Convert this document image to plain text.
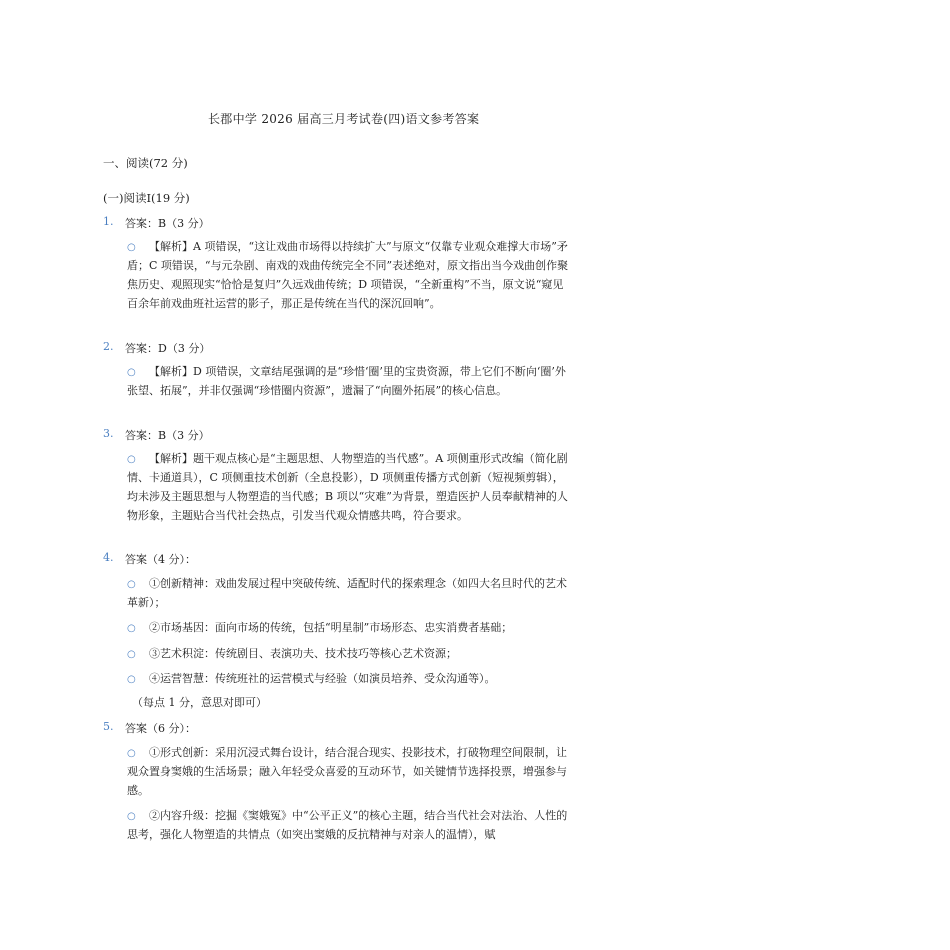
长郡中学 2026 届高三月考试卷(四)语文参考答案
一、阅读(72 分)
(一)阅读Ⅰ(19 分)
1. 答案：B（3 分）
○	【解析】A 项错误，“这让戏曲市场得以持续扩大”与原文“仅靠专业观众难撑大市场”矛盾；C 项错误，“与元杂剧、南戏的戏曲传统完全不同”表述绝对，原文指出当今戏曲创作聚焦历史、观照现实“恰恰是复归”久远戏曲传统；D 项错误，“全新重构”不当，原文说“窥见百余年前戏曲班社运营的影子，那正是传统在当代的深沉回响”。
2. 答案：D（3 分）
○	【解析】D 项错误，文章结尾强调的是“珍惜‘圈’里的宝贵资源，带上它们不断向‘圈’外张望、拓展”，并非仅强调“珍惜圈内资源”，遗漏了“向圈外拓展”的核心信息。
3. 答案：B（3 分）
○	【解析】题干观点核心是“主题思想、人物塑造的当代感”。A 项侧重形式改编（简化剧情、卡通道具），C 项侧重技术创新（全息投影），D 项侧重传播方式创新（短视频剪辑），均未涉及主题思想与人物塑造的当代感；B 项以“灾难”为背景，塑造医护人员奉献精神的人物形象，主题贴合当代社会热点，引发当代观众情感共鸣，符合要求。
4. 答案（4 分）：
○	①创新精神：戏曲发展过程中突破传统、适配时代的探索理念（如四大名旦时代的艺术革新）；
○	②市场基因：面向市场的传统，包括“明星制”市场形态、忠实消费者基础；
○	③艺术积淀：传统剧目、表演功夫、技术技巧等核心艺术资源；
○	④运营智慧：传统班社的运营模式与经验（如演员培养、受众沟通等）。
（每点 1 分，意思对即可）
5. 答案（6 分）：
○	①形式创新：采用沉浸式舞台设计，结合混合现实、投影技术，打破物理空间限制，让观众置身窦娥的生活场景；融入年轻受众喜爱的互动环节，如关键情节选择投票，增强参与感。
○	②内容升级：挖掘《窦娥冤》中“公平正义”的核心主题，结合当代社会对法治、人性的思考，强化人物塑造的共情点（如突出窦娥的反抗精神与对亲人的温情），赋
